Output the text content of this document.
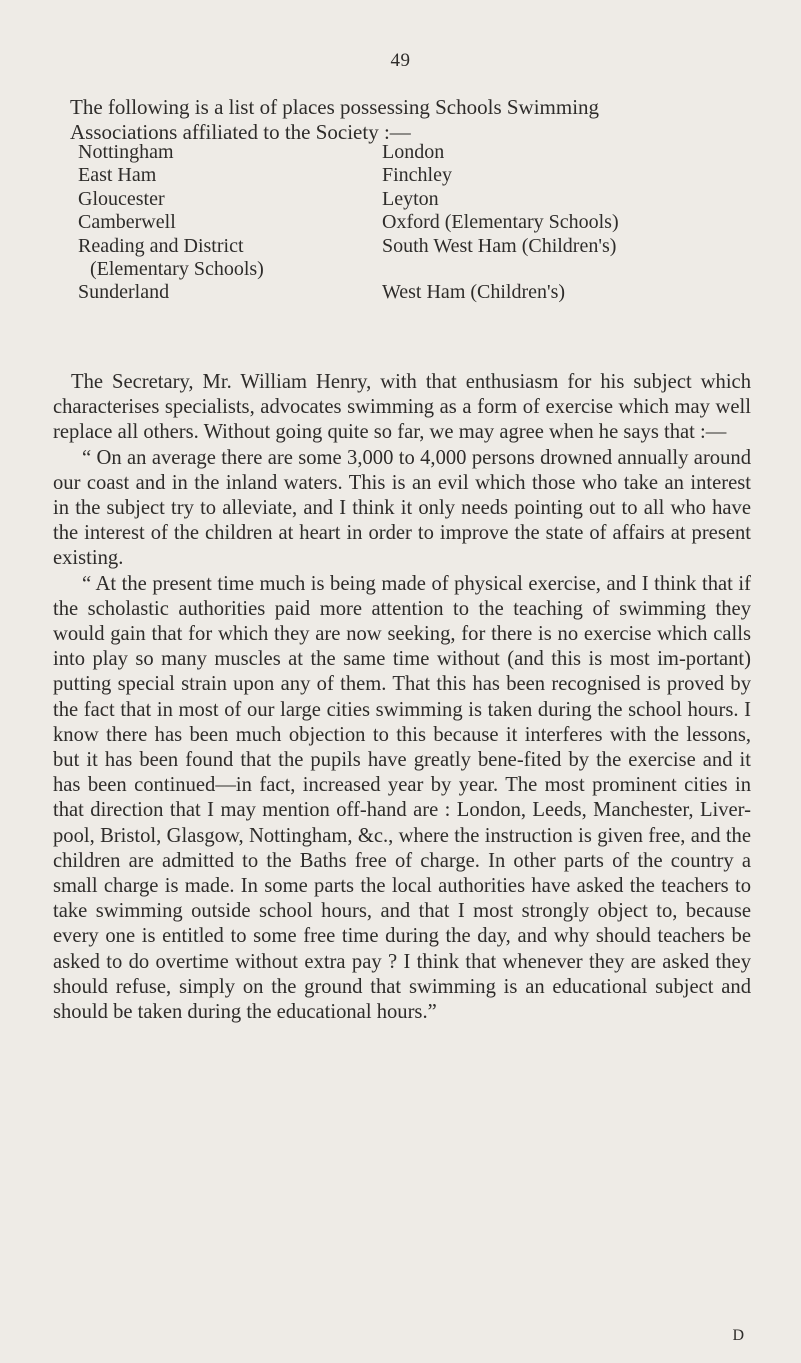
49
The following is a list of places possessing Schools Swimming
Associations affiliated to the Society :—
Nottingham
East Ham
Gloucester
Camberwell
Reading and District
(Elementary Schools)
Sunderland
London
Finchley
Leyton
Oxford (Elementary Schools)
South West Ham (Children's)
West Ham (Children's)

The Secretary, Mr. William Henry, with that enthusiasm for his subject which characterises specialists, advocates swimming as a form of exercise which may well replace all others. Without going quite so far, we may agree when he says that :—

“ On an average there are some 3,000 to 4,000 persons drowned annually around our coast and in the inland waters. This is an evil which those who take an interest in the subject try to alleviate, and I think it only needs pointing out to all who have the interest of the children at heart in order to improve the state of affairs at present existing.

“ At the present time much is being made of physical exercise, and I think that if the scholastic authorities paid more attention to the teaching of swimming they would gain that for which they are now seeking, for there is no exercise which calls into play so many muscles at the same time without (and this is most im-portant) putting special strain upon any of them. That this has been recognised is proved by the fact that in most of our large cities swimming is taken during the school hours. I know there has been much objection to this because it interferes with the lessons, but it has been found that the pupils have greatly bene-fited by the exercise and it has been continued—in fact, increased year by year. The most prominent cities in that direction that I may mention off-hand are : London, Leeds, Manchester, Liver-pool, Bristol, Glasgow, Nottingham, &c., where the instruction is given free, and the children are admitted to the Baths free of charge. In other parts of the country a small charge is made. In some parts the local authorities have asked the teachers to take swimming outside school hours, and that I most strongly object to, because every one is entitled to some free time during the day, and why should teachers be asked to do overtime without extra pay ? I think that whenever they are asked they should refuse, simply on the ground that swimming is an educational subject and should be taken during the educational hours.”

D
